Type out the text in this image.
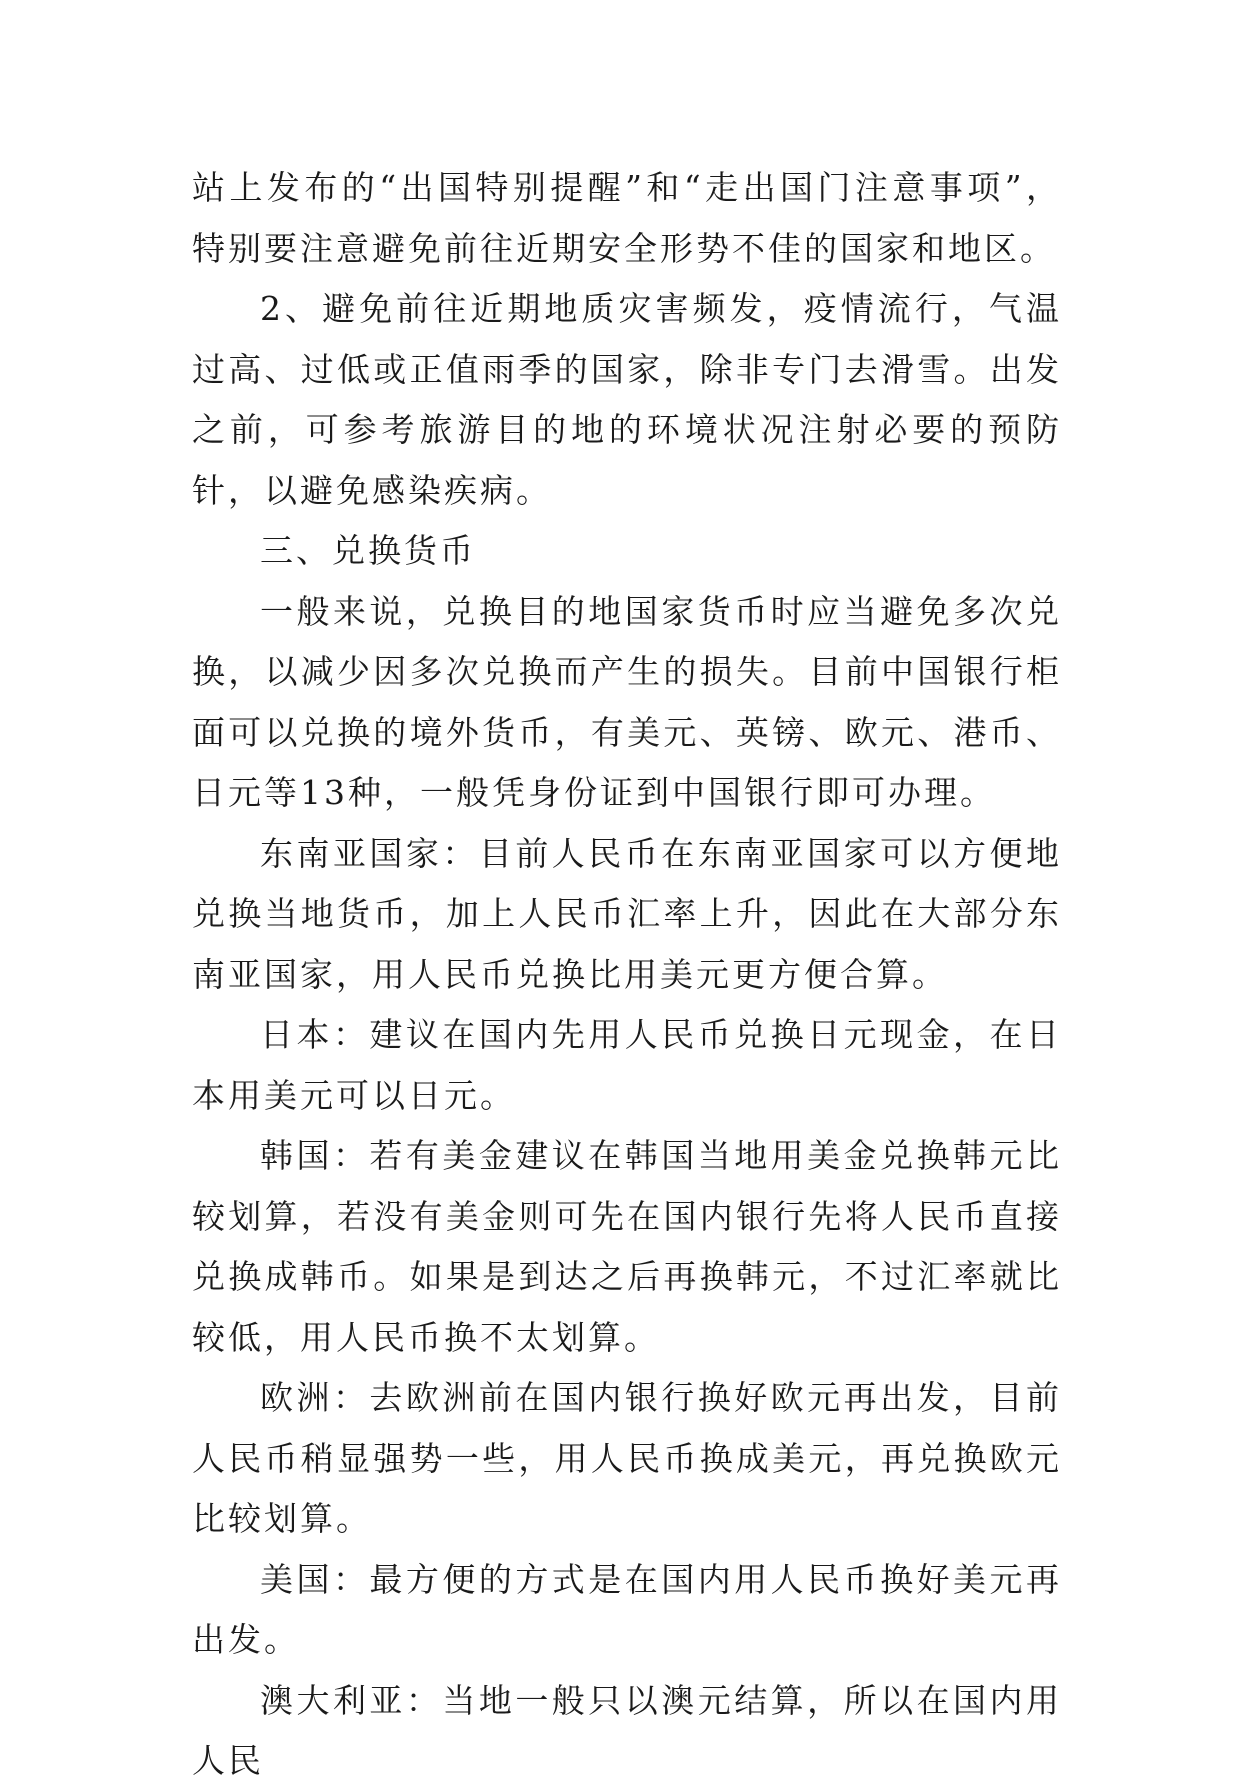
站上发布的“出国特别提醒”和“走出国门注意事项”，特别要注意避免前往近期安全形势不佳的国家和地区。

2、避免前往近期地质灾害频发，疫情流行，气温过高、过低或正值雨季的国家，除非专门去滑雪。出发之前，可参考旅游目的地的环境状况注射必要的预防针，以避免感染疾病。

三、兑换货币

一般来说，兑换目的地国家货币时应当避免多次兑换，以减少因多次兑换而产生的损失。目前中国银行柜面可以兑换的境外货币，有美元、英镑、欧元、港币、日元等13种，一般凭身份证到中国银行即可办理。

东南亚国家：目前人民币在东南亚国家可以方便地兑换当地货币，加上人民币汇率上升，因此在大部分东南亚国家，用人民币兑换比用美元更方便合算。

日本：建议在国内先用人民币兑换日元现金，在日本用美元可以日元。

韩国：若有美金建议在韩国当地用美金兑换韩元比较划算，若没有美金则可先在国内银行先将人民币直接兑换成韩币。如果是到达之后再换韩元，不过汇率就比较低，用人民币换不太划算。

欧洲：去欧洲前在国内银行换好欧元再出发，目前人民币稍显强势一些，用人民币换成美元，再兑换欧元比较划算。

美国：最方便的方式是在国内用人民币换好美元再出发。

澳大利亚：当地一般只以澳元结算，所以在国内用人民
